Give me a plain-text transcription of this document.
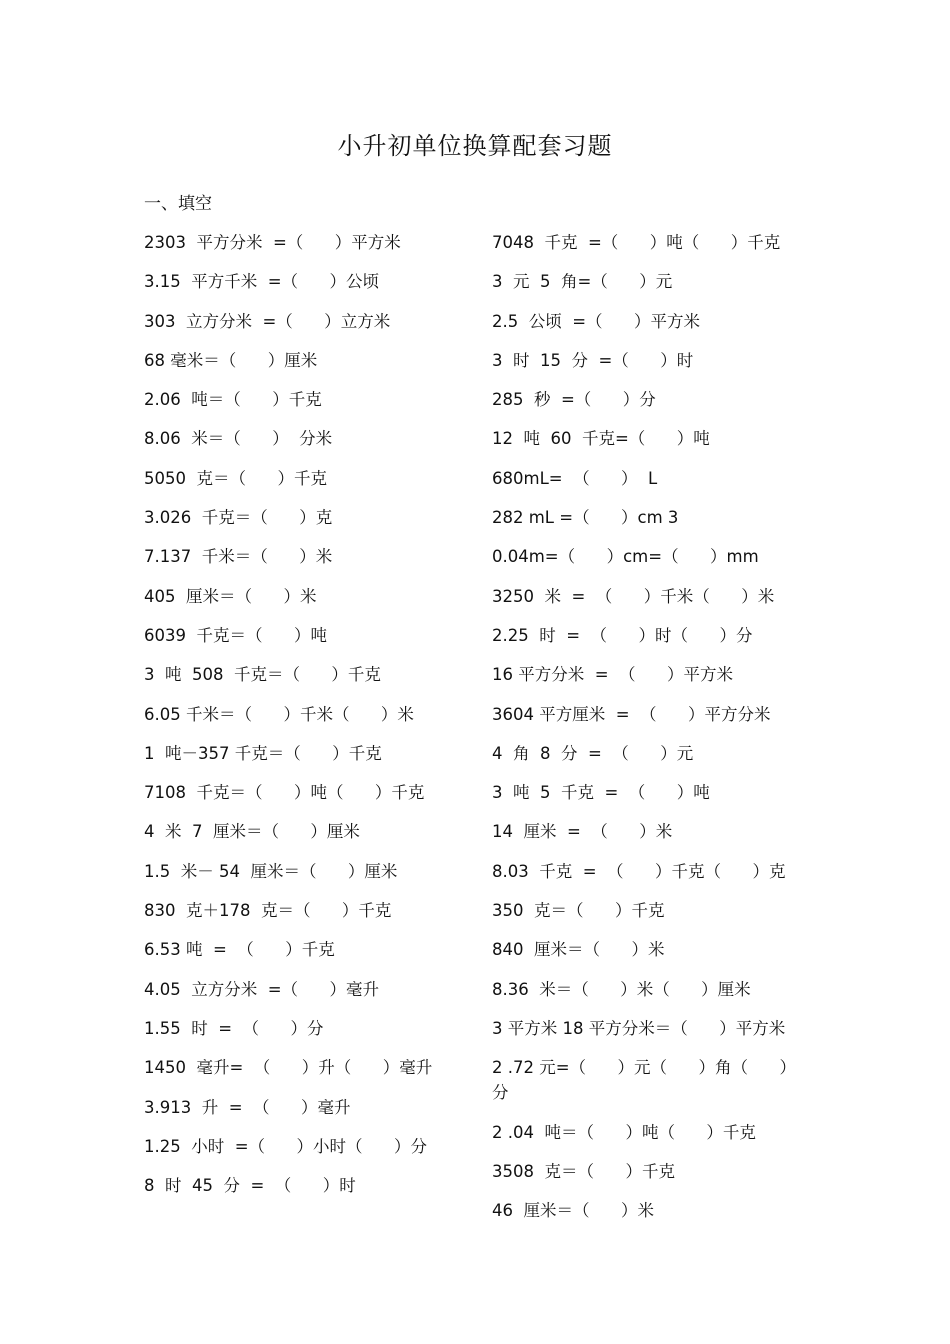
小升初单位换算配套习题
一、填空
2303  平方分米  =（      ）平方米
3.15  平方千米  =（      ）公顷
303  立方分米  =（      ）立方米
68 毫米＝（      ）厘米
2.06  吨＝（      ）千克
8.06  米＝（      ）  分米
5050  克＝（      ）千克
3.026  千克＝（      ）克
7.137  千米＝（      ）米
405  厘米＝（      ）米
6039  千克＝（      ）吨
3  吨  508  千克＝（      ）千克
6.05 千米＝（      ）千米（      ）米
1  吨－357 千克＝（      ）千克
7108  千克＝（      ）吨（      ）千克
4  米  7  厘米＝（      ）厘米
1.5  米－ 54  厘米＝（      ）厘米
830  克＋178  克＝（      ）千克
6.53 吨  =  （      ）千克
4.05  立方分米  =（      ）毫升
1.55  时  =  （      ）分
1450  毫升=  （      ）升（      ）毫升
3.913  升  =  （      ）毫升
1.25  小时  =（      ）小时（      ）分
8  时  45  分  =  （      ）时
7048  千克  =（      ）吨（      ）千克
3  元  5  角=（      ）元
2.5  公顷  =（      ）平方米
3  时  15  分  =（      ）时
285  秒  =（      ）分
12  吨  60  千克=（      ）吨
680mL=  （      ）  L
282 mL =（      ）cm 3
0.04m=（      ）cm=（      ）mm
3250  米  =  （      ）千米（      ）米
2.25  时  =  （      ）时（      ）分
16 平方分米  =  （      ）平方米
3604 平方厘米  =  （      ）平方分米
4  角  8  分  =  （      ）元
3  吨  5  千克  =  （      ）吨
14  厘米  =  （      ）米
8.03  千克  =  （      ）千克（      ）克
350  克＝（      ）千克
840  厘米＝（      ）米
8.36  米＝（      ）米（      ）厘米
3 平方米 18 平方分米＝（      ）平方米
2 .72 元=（      ）元（      ）角（      ）分
2 .04  吨＝（      ）吨（      ）千克
3508  克＝（      ）千克
46  厘米＝（      ）米
